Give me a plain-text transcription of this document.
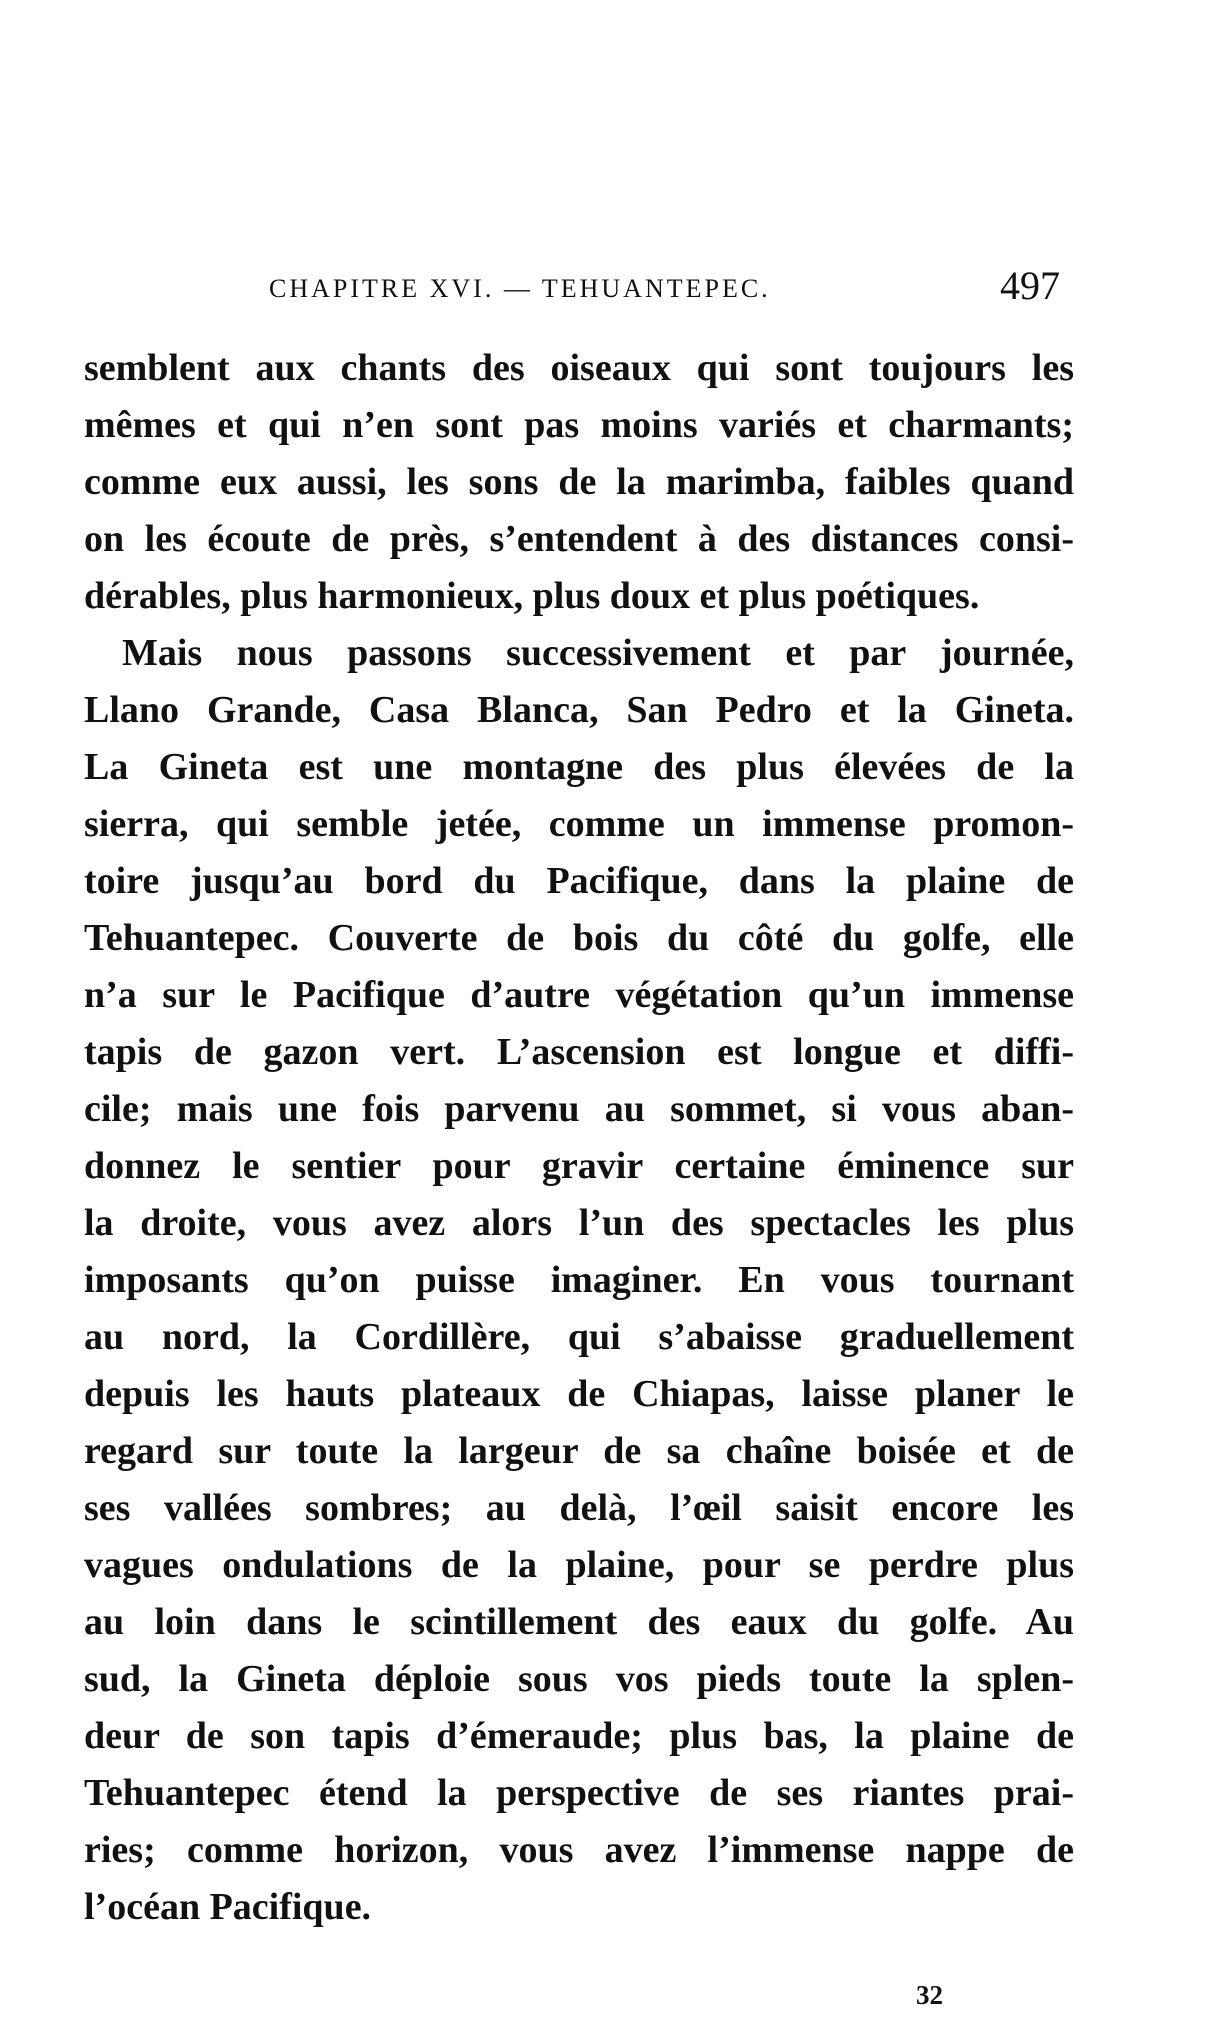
CHAPITRE XVI. — TEHUANTEPEC.	497
semblent aux chants des oiseaux qui sont toujours les
mêmes et qui n’en sont pas moins variés et charmants;
comme eux aussi, les sons de la marimba, faibles quand
on les écoute de près, s’entendent à des distances consi-
dérables, plus harmonieux, plus doux et plus poétiques.
Mais nous passons successivement et par journée,
Llano Grande, Casa Blanca, San Pedro et la Gineta.
La Gineta est une montagne des plus élevées de la
sierra, qui semble jetée, comme un immense promon-
toire jusqu’au bord du Pacifique, dans la plaine de
Tehuantepec. Couverte de bois du côté du golfe, elle
n’a sur le Pacifique d’autre végétation qu’un immense
tapis de gazon vert. L’ascension est longue et diffi-
cile; mais une fois parvenu au sommet, si vous aban-
donnez le sentier pour gravir certaine éminence sur
la droite, vous avez alors l’un des spectacles les plus
imposants qu’on puisse imaginer. En vous tournant
au nord, la Cordillère, qui s’abaisse graduellement
depuis les hauts plateaux de Chiapas, laisse planer le
regard sur toute la largeur de sa chaîne boisée et de
ses vallées sombres; au delà, l’œil saisit encore les
vagues ondulations de la plaine, pour se perdre plus
au loin dans le scintillement des eaux du golfe. Au
sud, la Gineta déploie sous vos pieds toute la splen-
deur de son tapis d’émeraude; plus bas, la plaine de
Tehuantepec étend la perspective de ses riantes prai-
ries; comme horizon, vous avez l’immense nappe de
l’océan Pacifique.
32
